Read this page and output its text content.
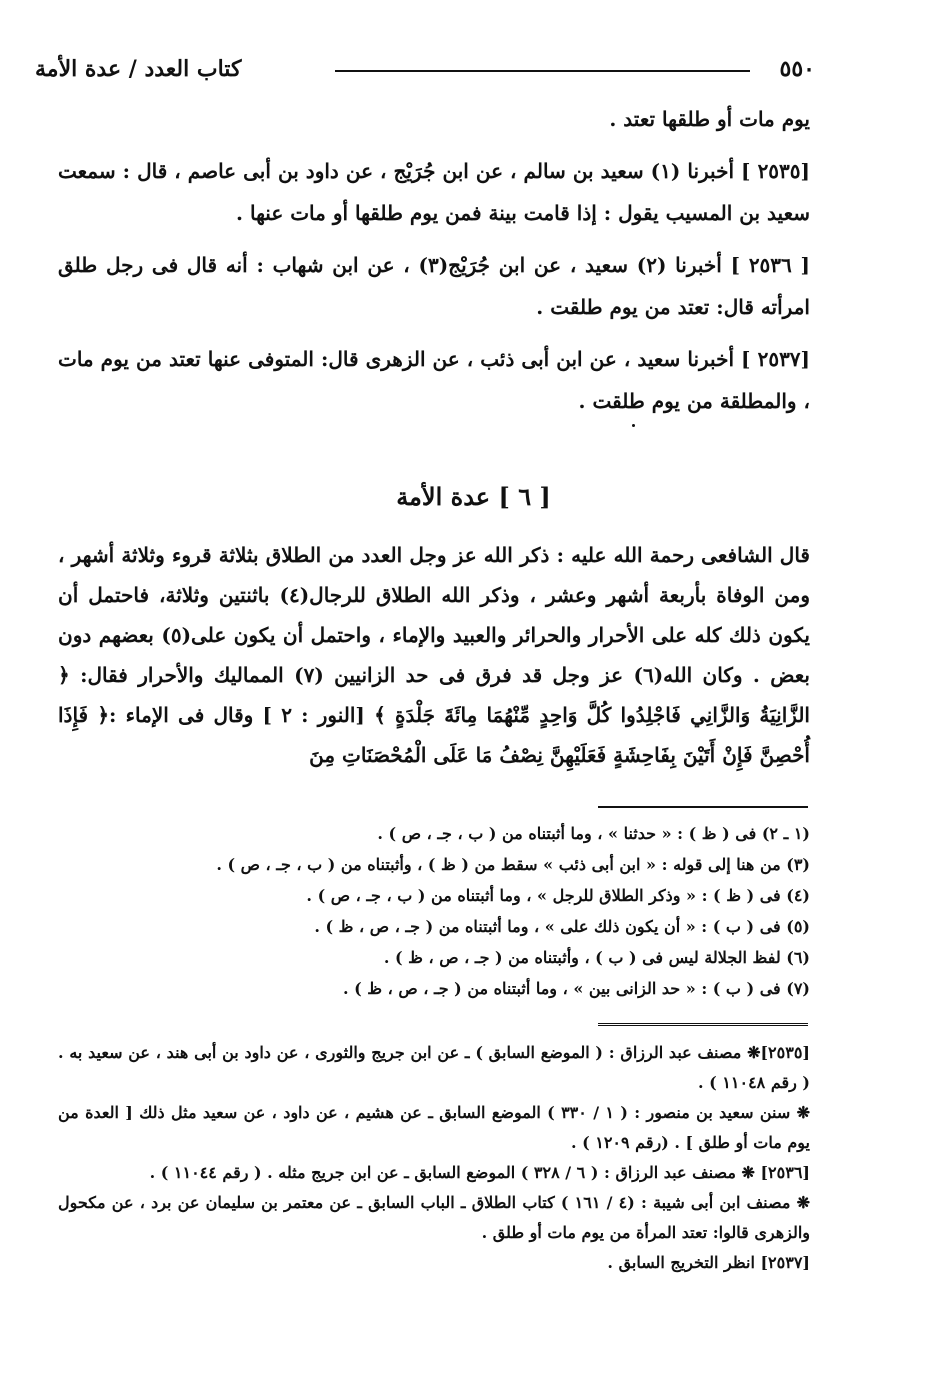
٥٥٠
كتاب العدد / عدة الأمة

يوم مات أو طلقها تعتد .

[٢٥٣٥ ] أخبرنا (١) سعيد بن سالم ، عن ابن جُرَيْج ، عن داود بن أبى عاصم ، قال : سمعت سعيد بن المسيب يقول : إذا قامت بينة فمن يوم طلقها أو مات عنها .

[ ٢٥٣٦ ] أخبرنا (٢) سعيد ، عن ابن جُرَيْج(٣) ، عن ابن شهاب : أنه قال فى رجل طلق امرأته قال: تعتد من يوم طلقت .

[٢٥٣٧ ] أخبرنا سعيد ، عن ابن أبى ذئب ، عن الزهرى قال: المتوفى عنها تعتد من يوم مات ، والمطلقة من يوم طلقت .

[ ٦ ] عدة الأمة

قال الشافعى رحمة الله عليه : ذكر الله عز وجل العدد من الطلاق بثلاثة قروء وثلاثة أشهر ، ومن الوفاة بأربعة أشهر وعشر ، وذكر الله الطلاق للرجال(٤) باثنتين وثلاثة، فاحتمل أن يكون ذلك كله على الأحرار والحرائر والعبيد والإماء ، واحتمل أن يكون على(٥) بعضهم دون بعض . وكان الله(٦) عز وجل قد فرق فى حد الزانيين (٧) المماليك والأحرار فقال: ﴿ الزَّانِيَةُ وَالزَّانِي فَاجْلِدُوا كُلَّ وَاحِدٍ مِّنْهُمَا مِائَةَ جَلْدَةٍ ﴾ [النور : ٢ ] وقال فى الإماء :﴿ فَإِذَا أُحْصِنَّ فَإِنْ أَتَيْنَ بِفَاحِشَةٍ فَعَلَيْهِنَّ نِصْفُ مَا عَلَى الْمُحْصَنَاتِ مِنَ

(١ ـ ٢) فى ( ظ ) : « حدثنا » ، وما أثبتناه من ( ب ، جـ ، ص ) .
(٣) من هنا إلى قوله : « ابن أبى ذئب » سقط من ( ظ ) ، وأثبتناه من ( ب ، جـ ، ص ) .
(٤) فى ( ظ ) : « وذكر الطلاق للرجل » ، وما أثبتناه من ( ب ، جـ ، ص ) .
(٥) فى ( ب ) : « أن يكون ذلك على » ، وما أثبتناه من ( جـ ، ص ، ظ ) .
(٦) لفظ الجلالة ليس فى ( ب ) ، وأثبتناه من ( جـ ، ص ، ظ ) .
(٧) فى ( ب ) : « حد الزانى بين » ، وما أثبتناه من ( جـ ، ص ، ظ ) .

[٢٥٣٥]❋ مصنف عبد الرزاق : ( الموضع السابق ) ـ عن ابن جريج والثورى ، عن داود بن أبى هند ، عن سعيد به . ( رقم ١١٠٤٨ ) .

❋ سنن سعيد بن منصور : ( ١ / ٣٣٠ ) الموضع السابق ـ عن هشيم ، عن داود ، عن سعيد مثل ذلك [ العدة من يوم مات أو طلق ] . (رقم ١٢٠٩ ) .

[٢٥٣٦] ❋ مصنف عبد الرزاق : ( ٦ / ٣٢٨ ) الموضع السابق ـ عن ابن جريج مثله . ( رقم ١١٠٤٤ ) .

❋ مصنف ابن أبى شيبة : (٤ / ١٦١ ) كتاب الطلاق ـ الباب السابق ـ عن معتمر بن سليمان عن برد ، عن مكحول والزهرى قالوا: تعتد المرأة من يوم مات أو طلق .

[٢٥٣٧] انظر التخريج السابق .
